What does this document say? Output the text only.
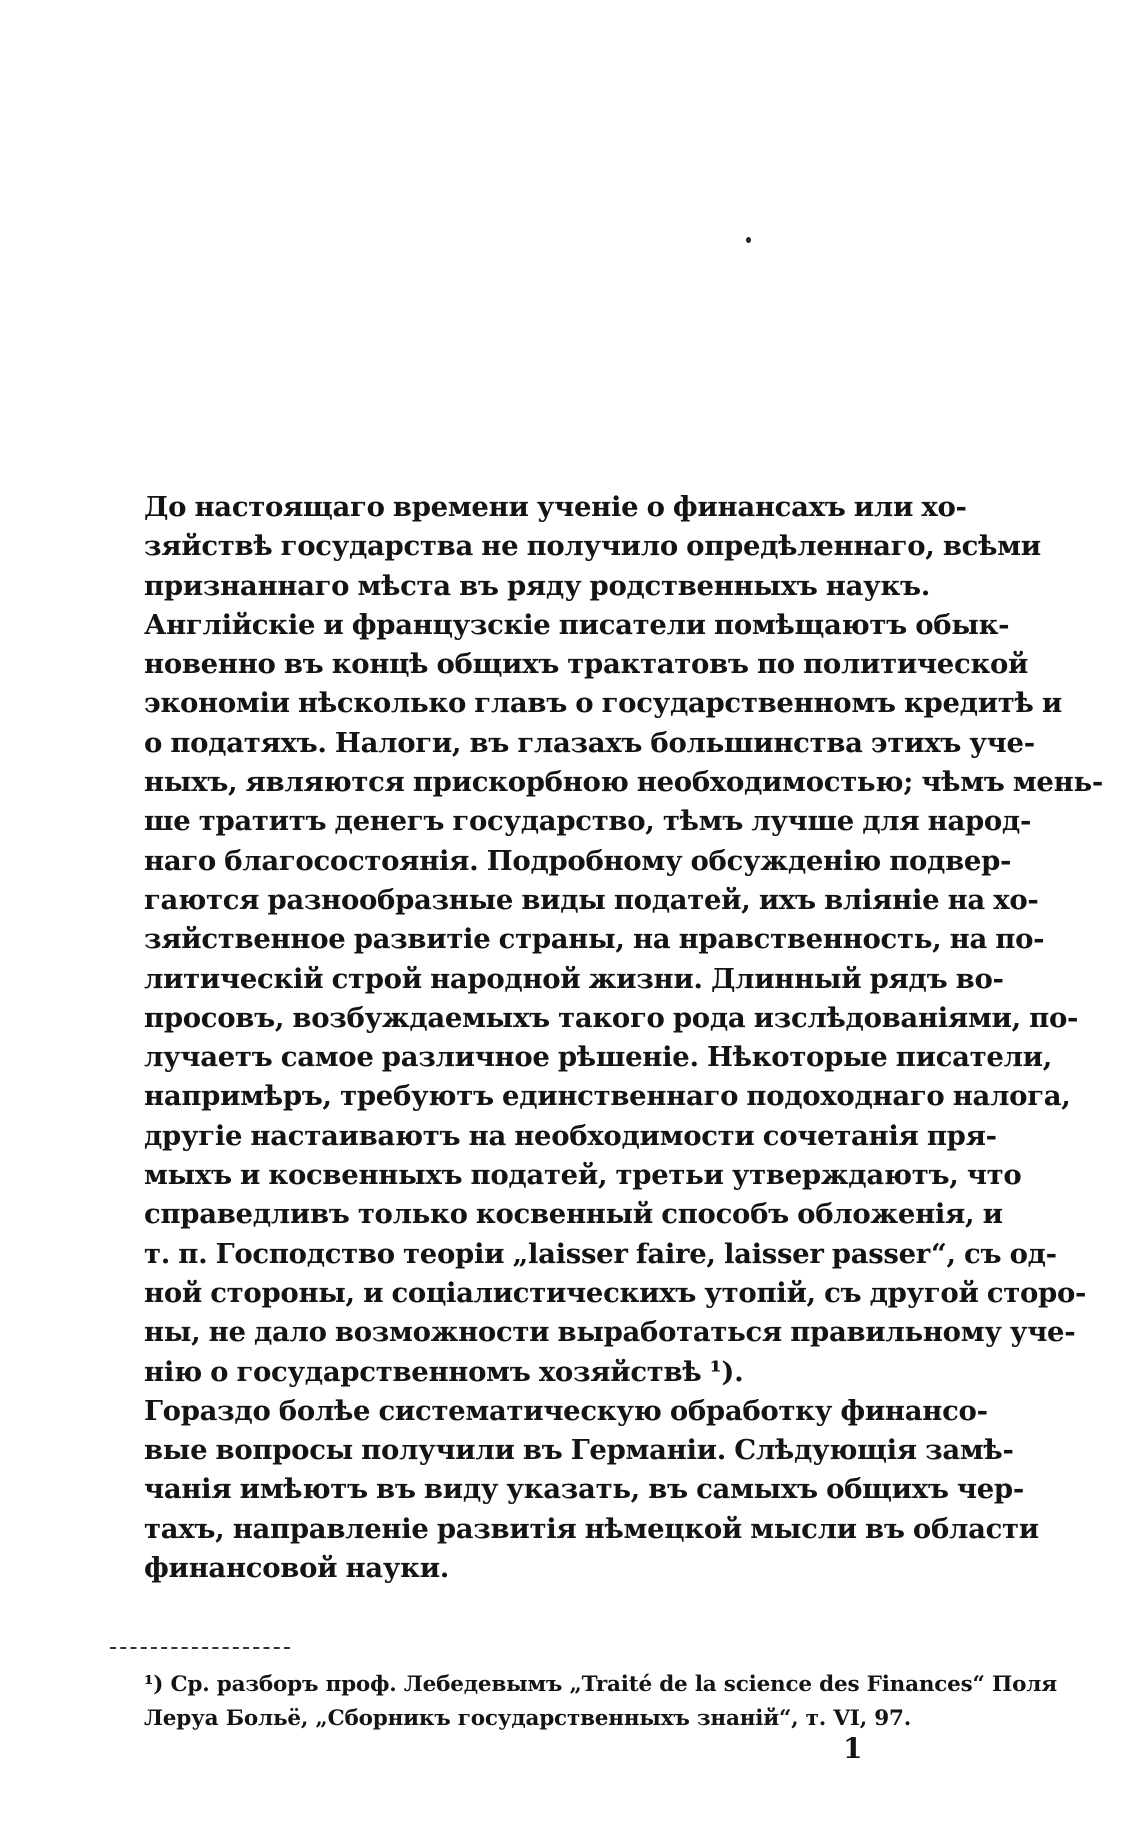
До настоящаго времени ученіе о финансахъ или хо-
зяйствѣ государства не получило опредѣленнаго, всѣми
признаннаго мѣста въ ряду родственныхъ наукъ.

Англійскіе и французскіе писатели помѣщаютъ обык-
новенно въ концѣ общихъ трактатовъ по политической
экономіи нѣсколько главъ о государственномъ кредитѣ и
о податяхъ. Налоги, въ глазахъ большинства этихъ уче-
ныхъ, являются прискорбною необходимостью; чѣмъ мень-
ше тратитъ денегъ государство, тѣмъ лучше для народ-
наго благосостоянія. Подробному обсужденію подвер-
гаются разнообразные виды податей, ихъ вліяніе на хо-
зяйственное развитіе страны, на нравственность, на по-
литическій строй народной жизни. Длинный рядъ во-
просовъ, возбуждаемыхъ такого рода изслѣдованіями, по-
лучаетъ самое различное рѣшеніе. Нѣкоторые писатели,
напримѣръ, требуютъ единственнаго подоходнаго налога,
другіе настаиваютъ на необходимости сочетанія пря-
мыхъ и косвенныхъ податей, третьи утверждаютъ, что
справедливъ только косвенный способъ обложенія, и
т. п. Господство теоріи „laisser faire, laisser passer“, съ од-
ной стороны, и соціалистическихъ утопій, съ другой сторо-
ны, не дало возможности выработаться правильному уче-
нію о государственномъ хозяйствѣ ¹).

Гораздо болѣе систематическую обработку финансо-
вые вопросы получили въ Германіи. Слѣдующія замѣ-
чанія имѣютъ въ виду указать, въ самыхъ общихъ чер-
тахъ, направленіе развитія нѣмецкой мысли въ области
финансовой науки.

¹) Ср. разборъ проф. Лебедевымъ „Traité de la science des Finances“ Поля
Леруа Больё, „Сборникъ государственныхъ знаній“, т. VI, 97.
1
